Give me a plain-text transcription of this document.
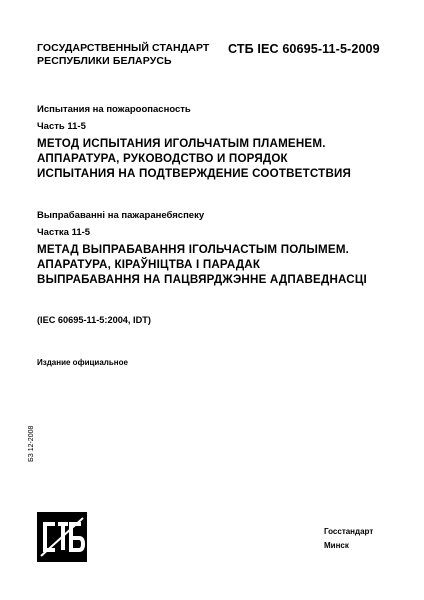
ГОСУДАРСТВЕННЫЙ СТАНДАРТ
РЕСПУБЛИКИ БЕЛАРУСЬ
СТБ IEC 60695-11-5-2009
Испытания на пожароопасность
Часть 11-5
МЕТОД ИСПЫТАНИЯ ИГОЛЬЧАТЫМ ПЛАМЕНЕМ.
АППАРАТУРА, РУКОВОДСТВО И ПОРЯДОК
ИСПЫТАНИЯ НА ПОДТВЕРЖДЕНИЕ СООТВЕТСТВИЯ
Выпрабаванні на пажаранебяспеку
Частка 11-5
МЕТАД ВЫПРАБАВАННЯ ІГОЛЬЧАСТЫМ ПОЛЫМЕМ.
АПАРАТУРА, КІРАЎНІЦТВА І ПАРАДАК
ВЫПРАБАВАННЯ НА ПАЦВЯРДЖЭННЕ АДПАВЕДНАСЦІ
(IEC 60695-11-5:2004, IDT)
Издание официальное
БЗ 12-2008
Госстандарт
Минск
